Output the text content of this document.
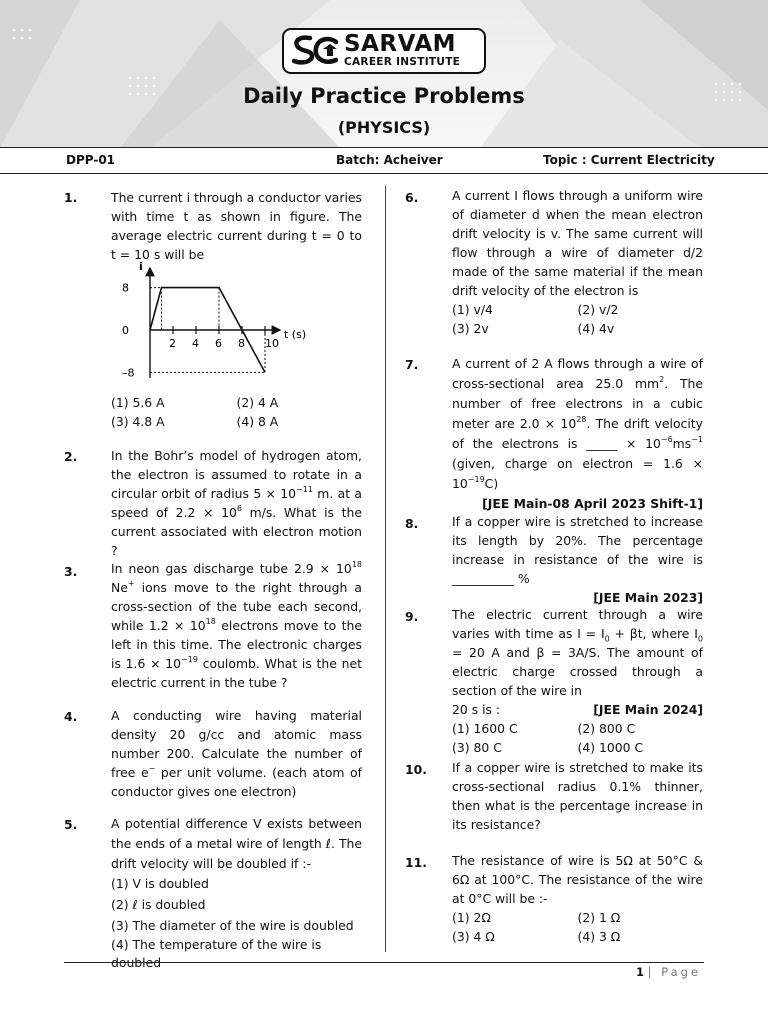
SARVAM
CAREER INSTITUTE
Daily Practice Problems
(PHYSICS)
DPP-01	Batch: Acheiver	Topic : Current Electricity
1.	The current i through a conductor varies with time t as shown in figure. The average electric current during t = 0 to t = 10 s will be
i
t (s)
8
0
–8
2 4 6 8 10
(1) 5.6 A	(2) 4 A
(3) 4.8 A	(4) 8 A
2.	In the Bohr’s model of hydrogen atom, the electron is assumed to rotate in a circular orbit of radius $5 \times 10^{-11}$ m. at a speed of $2.2 \times 10^6$ m/s. What is the current associated with electron motion ?
3.	In neon gas discharge tube $2.9 \times 10^{18}$ Ne+ ions move to the right through a cross-section of the tube each second, while $1.2 \times 10^{18}$ electrons move to the left in this time. The electronic charges is $1.6 \times 10^{-19}$ coulomb. What is the net electric current in the tube ?
4.	A conducting wire having material density 20 g/cc and atomic mass number 200. Calculate the number of free e− per unit volume. (each atom of conductor gives one electron)
5.	A potential difference V exists between the ends of a metal wire of length ℓ. The drift velocity will be doubled if :-
(1) V is doubled
(2) ℓ is doubled
(3) The diameter of the wire is doubled
(4) The temperature of the wire is doubled
6.	A current I flows through a uniform wire of diameter d when the mean electron drift velocity is v. The same current will flow through a wire of diameter d/2 made of the same material if the mean drift velocity of the electron is
(1) v/4	(2) v/2
(3) 2v	(4) 4v
7.	A current of 2 A flows through a wire of cross-sectional area 25.0 $mm^2$. The number of free electrons in a cubic meter are $2.0 \times 10^{28}$. The drift velocity of the electrons is _____ × $10^{-6}ms^{-1}$ (given, charge on electron = $1.6 \times 10^{-19}C$)
[JEE Main-08 April 2023 Shift-1]
8.	If a copper wire is stretched to increase its length by 20%. The percentage increase in resistance of the wire is __________ %
[JEE Main 2023]
9.	The electric current through a wire varies with time as $I = I_0 + \beta t$, where $I_0 = 20$ A and β = 3A/S. The amount of electric charge crossed through a section of the wire in
20 s is :	[JEE Main 2024]
(1) 1600 C	(2) 800 C
(3) 80 C	(4) 1000 C
10. If a copper wire is stretched to make its cross-sectional radius 0.1% thinner, then what is the percentage increase in its resistance?
11. The resistance of wire is 5Ω at 50°C & 6Ω at 100°C. The resistance of the wire at 0°C will be :-
(1) 2Ω	(2) 1 Ω
(3) 4 Ω	(4) 3 Ω
1 | Page
